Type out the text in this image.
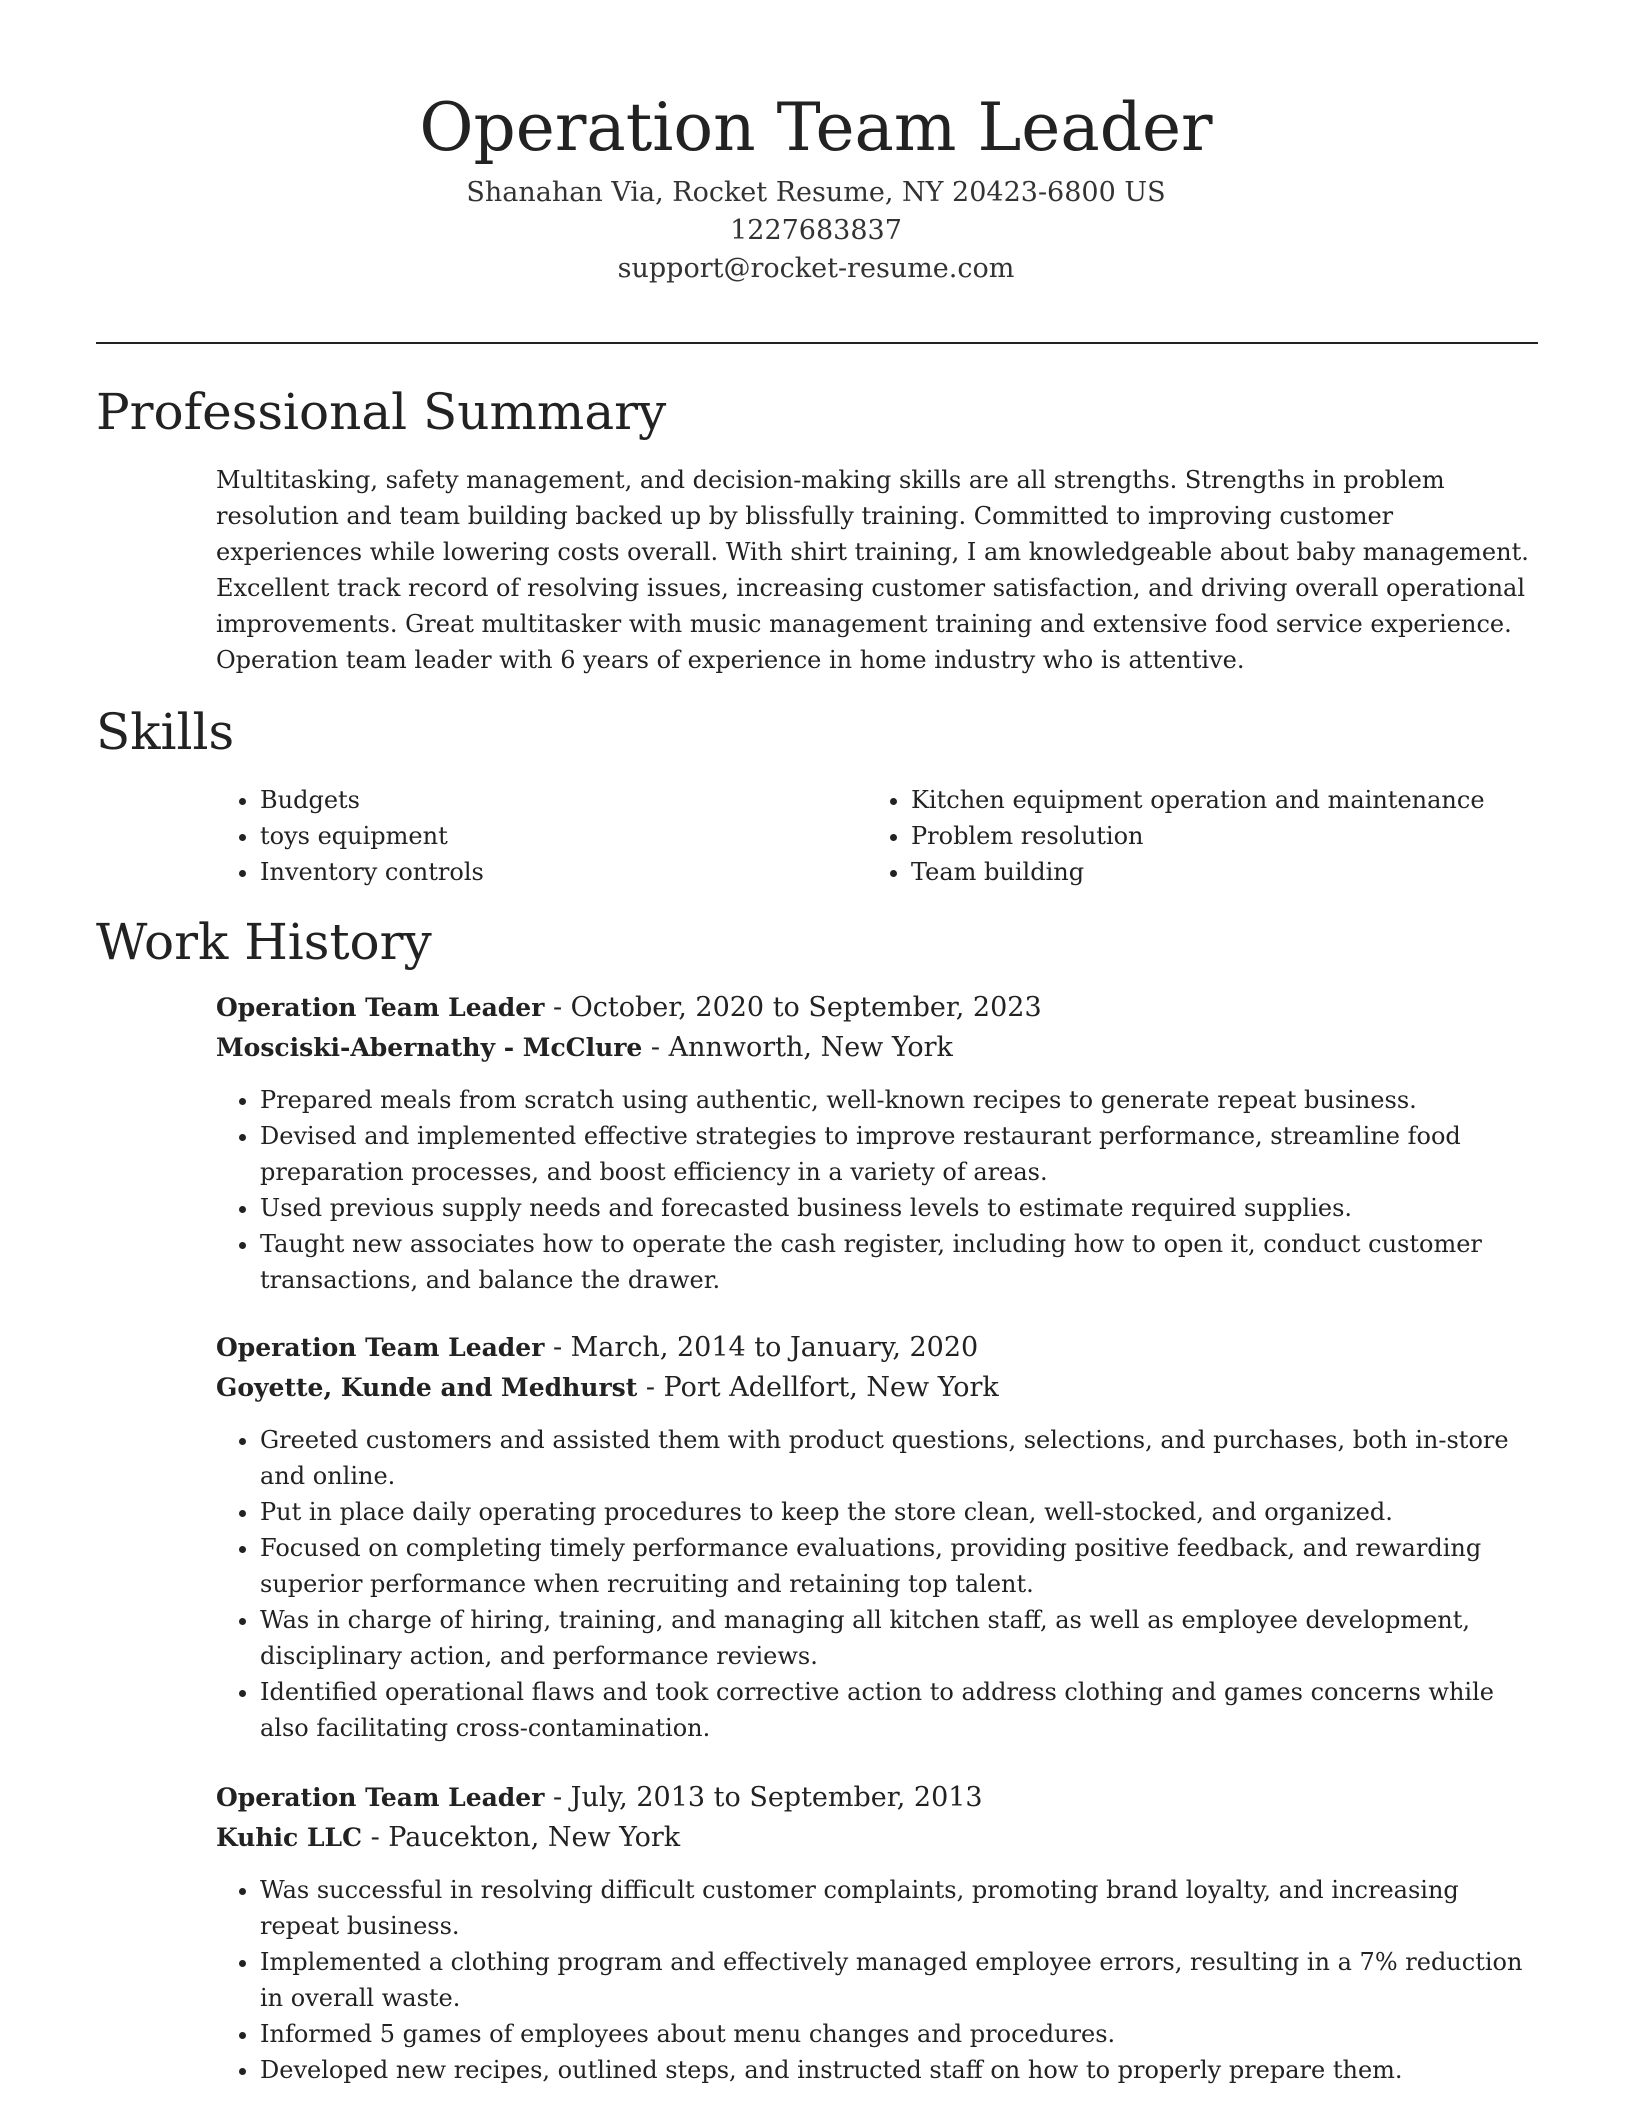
Operation Team Leader
Shanahan Via, Rocket Resume, NY 20423-6800 US
1227683837
support@rocket-resume.com
Professional Summary
Multitasking, safety management, and decision-making skills are all strengths. Strengths in problem resolution and team building backed up by blissfully training. Committed to improving customer experiences while lowering costs overall. With shirt training, I am knowledgeable about baby management. Excellent track record of resolving issues, increasing customer satisfaction, and driving overall operational improvements. Great multitasker with music management training and extensive food service experience. Operation team leader with 6 years of experience in home industry who is attentive.
Skills
• Budgets
• toys equipment
• Inventory controls
• Kitchen equipment operation and maintenance
• Problem resolution
• Team building
Work History
Operation Team Leader - October, 2020 to September, 2023
Mosciski-Abernathy - McClure - Annworth, New York
• Prepared meals from scratch using authentic, well-known recipes to generate repeat business.
• Devised and implemented effective strategies to improve restaurant performance, streamline food preparation processes, and boost efficiency in a variety of areas.
• Used previous supply needs and forecasted business levels to estimate required supplies.
• Taught new associates how to operate the cash register, including how to open it, conduct customer transactions, and balance the drawer.
Operation Team Leader - March, 2014 to January, 2020
Goyette, Kunde and Medhurst - Port Adellfort, New York
• Greeted customers and assisted them with product questions, selections, and purchases, both in-store and online.
• Put in place daily operating procedures to keep the store clean, well-stocked, and organized.
• Focused on completing timely performance evaluations, providing positive feedback, and rewarding superior performance when recruiting and retaining top talent.
• Was in charge of hiring, training, and managing all kitchen staff, as well as employee development, disciplinary action, and performance reviews.
• Identified operational flaws and took corrective action to address clothing and games concerns while also facilitating cross-contamination.
Operation Team Leader - July, 2013 to September, 2013
Kuhic LLC - Paucekton, New York
• Was successful in resolving difficult customer complaints, promoting brand loyalty, and increasing repeat business.
• Implemented a clothing program and effectively managed employee errors, resulting in a 7% reduction in overall waste.
• Informed 5 games of employees about menu changes and procedures.
• Developed new recipes, outlined steps, and instructed staff on how to properly prepare them.
